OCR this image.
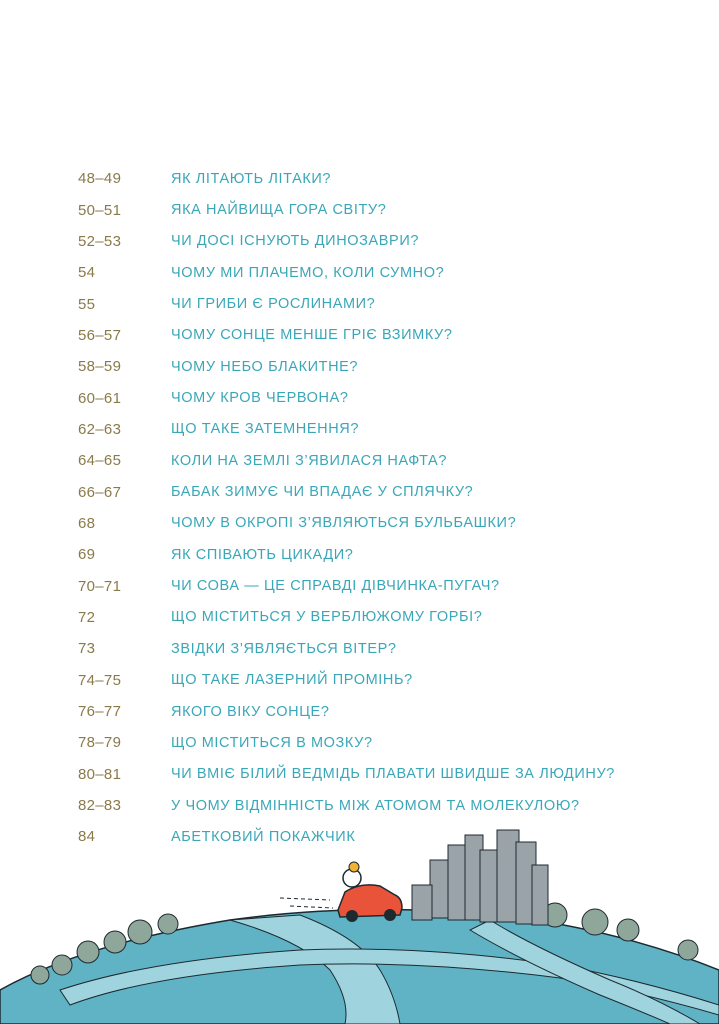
48–49	ЯК ЛІТАЮТЬ ЛІТАКИ?
50–51	ЯКА НАЙВИЩА ГОРА СВІТУ?
52–53	ЧИ ДОСІ ІСНУЮТЬ ДИНОЗАВРИ?
54	ЧОМУ МИ ПЛАЧЕМО, КОЛИ СУМНО?
55	ЧИ ГРИБИ Є РОСЛИНАМИ?
56–57	ЧОМУ СОНЦЕ МЕНШЕ ГРІЄ ВЗИМКУ?
58–59	ЧОМУ НЕБО БЛАКИТНЕ?
60–61	ЧОМУ КРОВ ЧЕРВОНА?
62–63	ЩО ТАКЕ ЗАТЕМНЕННЯ?
64–65	КОЛИ НА ЗЕМЛІ З’ЯВИЛАСЯ НАФТА?
66–67	БАБАК ЗИМУЄ ЧИ ВПАДАЄ У СПЛЯЧКУ?
68	ЧОМУ В ОКРОПІ З’ЯВЛЯЮТЬСЯ БУЛЬБАШКИ?
69	ЯК СПІВАЮТЬ ЦИКАДИ?
70–71	ЧИ СОВА — ЦЕ СПРАВДІ ДІВЧИНКА-ПУГАЧ?
72	ЩО МІСТИТЬСЯ У ВЕРБЛЮЖОМУ ГОРБІ?
73	ЗВІДКИ З’ЯВЛЯЄТЬСЯ ВІТЕР?
74–75	ЩО ТАКЕ ЛАЗЕРНИЙ ПРОМІНЬ?
76–77	ЯКОГО ВІКУ СОНЦЕ?
78–79	ЩО МІСТИТЬСЯ В МОЗКУ?
80–81	ЧИ ВМІЄ БІЛИЙ ВЕДМІДЬ ПЛАВАТИ ШВИДШЕ ЗА ЛЮДИНУ?
82–83	У ЧОМУ ВІДМІННІСТЬ МІЖ АТОМОМ ТА МОЛЕКУЛОЮ?
84	АБЕТКОВИЙ ПОКАЖЧИК
